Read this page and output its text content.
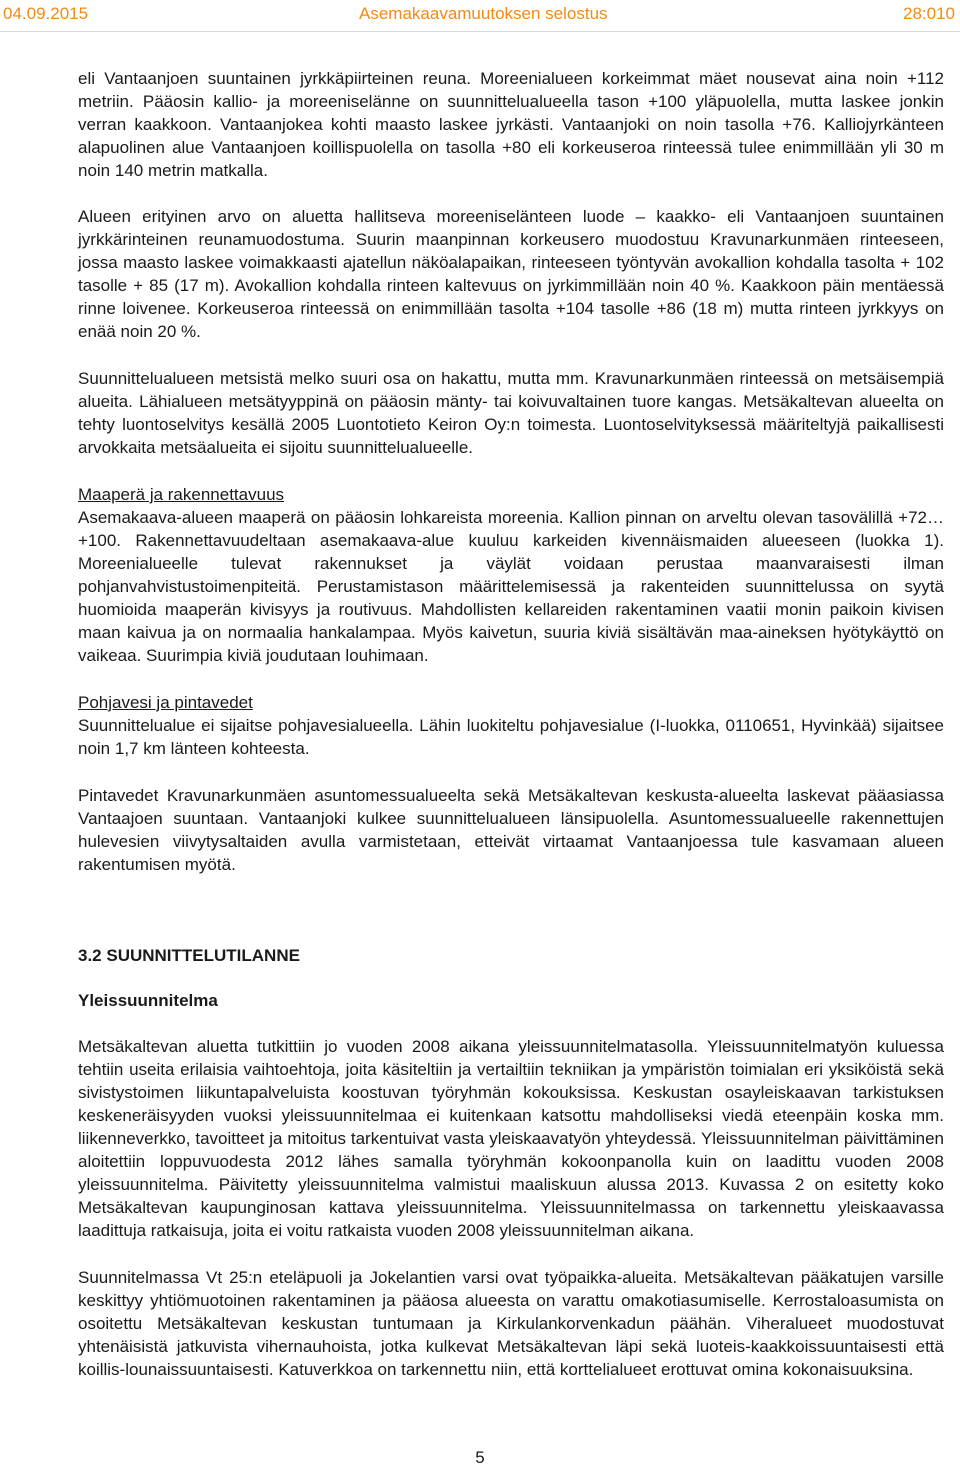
04.09.2015	Asemakaavamuutoksen selostus	28:010

eli Vantaanjoen suuntainen jyrkkäpiirteinen reuna. Moreenialueen korkeimmat mäet nousevat aina noin +112 metriin. Pääosin kallio- ja moreeniselänne on suunnittelualueella tason +100 yläpuolella, mutta laskee jonkin verran kaakkoon. Vantaanjokea kohti maasto laskee jyrkästi. Vantaanjoki on noin tasolla +76. Kalliojyrkänteen alapuolinen alue Vantaanjoen koillispuolella on tasolla +80 eli korkeuseroa rinteessä tulee enimmillään yli 30 m noin 140 metrin matkalla.

Alueen erityinen arvo on aluetta hallitseva moreeniselänteen luode – kaakko- eli Vantaanjoen suuntainen jyrkkärinteinen reunamuodostuma. Suurin maanpinnan korkeusero muodostuu Kravunarkunmäen rinteeseen, jossa maasto laskee voimakkaasti ajatellun näköalapaikan, rinteeseen työntyvän avokallion kohdalla tasolta + 102 tasolle + 85 (17 m). Avokallion kohdalla rinteen kaltevuus on jyrkimmillään noin 40 %. Kaakkoon päin mentäessä rinne loivenee. Korkeuseroa rinteessä on enimmillään tasolta +104 tasolle +86 (18 m) mutta rinteen jyrkkyys on enää noin 20 %.

Suunnittelualueen metsistä melko suuri osa on hakattu, mutta mm. Kravunarkunmäen rinteessä on metsäisempiä alueita. Lähialueen metsätyyppinä on pääosin mänty- tai koivuvaltainen tuore kangas. Metsäkaltevan alueelta on tehty luontoselvitys kesällä 2005 Luontotieto Keiron Oy:n toimesta. Luontoselvityksessä määriteltyjä paikallisesti arvokkaita metsäalueita ei sijoitu suunnittelualueelle.

Maaperä ja rakennettavuus

Asemakaava-alueen maaperä on pääosin lohkareista moreenia. Kallion pinnan on arveltu olevan tasovälillä +72…+100. Rakennettavuudeltaan asemakaava-alue kuuluu karkeiden kivennäismaiden alueeseen (luokka 1). Moreenialueelle tulevat rakennukset ja väylät voidaan perustaa maanvaraisesti ilman pohjanvahvistustoimenpiteitä. Perustamistason määrittelemisessä ja rakenteiden suunnittelussa on syytä huomioida maaperän kivisyys ja routivuus. Mahdollisten kellareiden rakentaminen vaatii monin paikoin kivisen maan kaivua ja on normaalia hankalampaa. Myös kaivetun, suuria kiviä sisältävän maa-aineksen hyötykäyttö on vaikeaa. Suurimpia kiviä joudutaan louhimaan.

Pohjavesi ja pintavedet

Suunnittelualue ei sijaitse pohjavesialueella. Lähin luokiteltu pohjavesialue (I-luokka, 0110651, Hyvinkää) sijaitsee noin 1,7 km länteen kohteesta.

Pintavedet Kravunarkunmäen asuntomessualueelta sekä Metsäkaltevan keskusta-alueelta laskevat pääasiassa Vantaajoen suuntaan. Vantaanjoki kulkee suunnittelualueen länsipuolella. Asuntomessualueelle rakennettujen hulevesien viivytysaltaiden avulla varmistetaan, etteivät virtaamat Vantaanjoessa tule kasvamaan alueen rakentumisen myötä.

3.2 SUUNNITTELUTILANNE
Yleissuunnitelma

Metsäkaltevan aluetta tutkittiin jo vuoden 2008 aikana yleissuunnitelmatasolla. Yleissuunnitelmatyön kuluessa tehtiin useita erilaisia vaihtoehtoja, joita käsiteltiin ja vertailtiin tekniikan ja ympäristön toimialan eri yksiköistä sekä sivistystoimen liikuntapalveluista koostuvan työryhmän kokouksissa. Keskustan osayleiskaavan tarkistuksen keskeneräisyyden vuoksi yleissuunnitelmaa ei kuitenkaan katsottu mahdolliseksi viedä eteenpäin koska mm. liikenneverkko, tavoitteet ja mitoitus tarkentuivat vasta yleiskaavatyön yhteydessä. Yleissuunnitelman päivittäminen aloitettiin loppuvuodesta 2012 lähes samalla työryhmän kokoonpanolla kuin on laadittu vuoden 2008 yleissuunnitelma. Päivitetty yleissuunnitelma valmistui maaliskuun alussa 2013. Kuvassa 2 on esitetty koko Metsäkaltevan kaupunginosan kattava yleissuunnitelma. Yleissuunnitelmassa on tarkennettu yleiskaavassa laadittuja ratkaisuja, joita ei voitu ratkaista vuoden 2008 yleissuunnitelman aikana.

Suunnitelmassa Vt 25:n eteläpuoli ja Jokelantien varsi ovat työpaikka-alueita. Metsäkaltevan pääkatujen varsille keskittyy yhtiömuotoinen rakentaminen ja pääosa alueesta on varattu omakotiasumiselle. Kerrostaloasumista on osoitettu Metsäkaltevan keskustan tuntumaan ja Kirkulankorvenkadun päähän. Viheralueet muodostuvat yhtenäisistä jatkuvista vihernauhoista, jotka kulkevat Metsäkaltevan läpi sekä luoteis-kaakkoissuuntaisesti että koillis-lounaissuuntaisesti. Katuverkkoa on tarkennettu niin, että korttelialueet erottuvat omina kokonaisuuksina.

5
